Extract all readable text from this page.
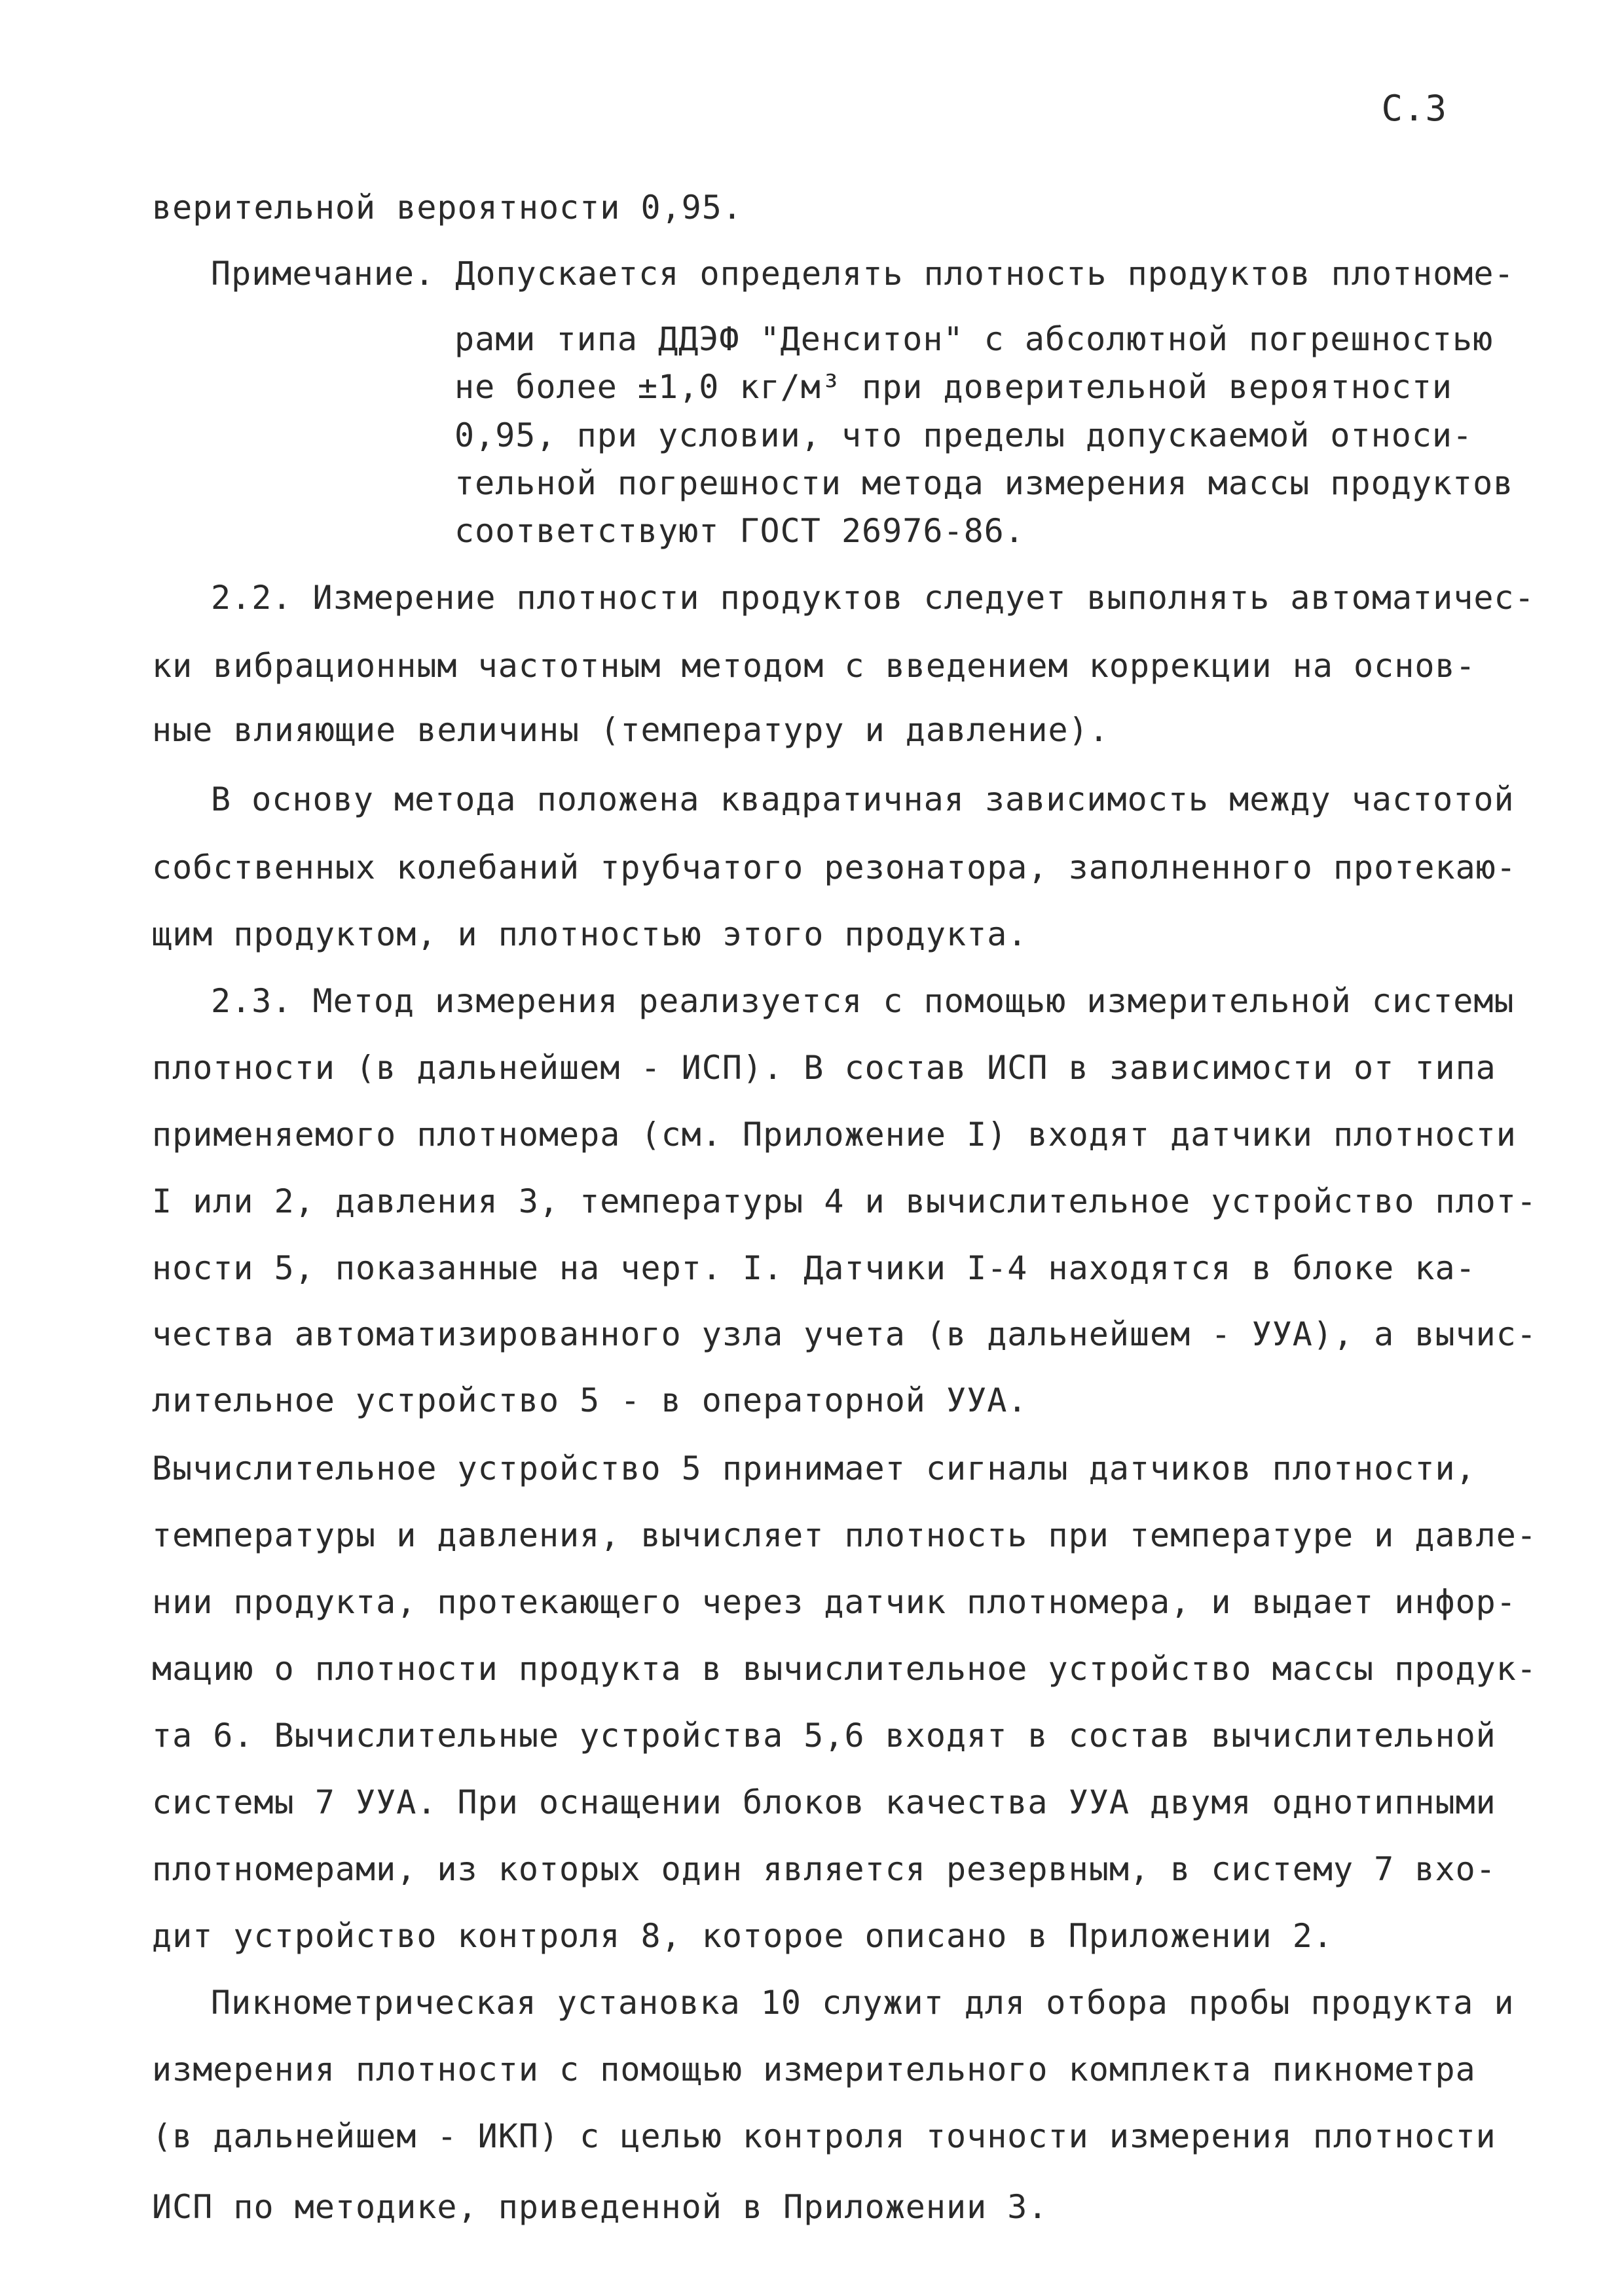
С.3
верительной вероятности 0,95.
Примечание. Допускается определять плотность продуктов плотноме-
рами типа ДДЭФ "Денситон" с абсолютной погрешностью
не более ±1,0 кг/м³ при доверительной вероятности
0,95, при условии, что пределы допускаемой относи-
тельной погрешности метода измерения массы продуктов
соответствуют ГОСТ 26976-86.
2.2. Измерение плотности продуктов следует выполнять автоматичес-
ки вибрационным частотным методом с введением коррекции на основ-
ные влияющие величины (температуру и давление).
В основу метода положена квадратичная зависимость между частотой
собственных колебаний трубчатого резонатора, заполненного протекаю-
щим продуктом, и плотностью этого продукта.
2.3. Метод измерения реализуется с помощью измерительной системы
плотности (в дальнейшем - ИСП). В состав ИСП в зависимости от типа
применяемого плотномера (см. Приложение I) входят датчики плотности
I или 2, давления 3, температуры 4 и вычислительное устройство плот-
ности 5, показанные на черт. I. Датчики I-4 находятся в блоке ка-
чества автоматизированного узла учета (в дальнейшем - УУА), а вычис-
лительное устройство 5 - в операторной УУА.
Вычислительное устройство 5 принимает сигналы датчиков плотности,
температуры и давления, вычисляет плотность при температуре и давле-
нии продукта, протекающего через датчик плотномера, и выдает инфор-
мацию о плотности продукта в вычислительное устройство массы продук-
та 6. Вычислительные устройства 5,6 входят в состав вычислительной
системы 7 УУА. При оснащении блоков качества УУА двумя однотипными
плотномерами, из которых один является резервным, в систему 7 вхо-
дит устройство контроля 8, которое описано в Приложении 2.
Пикнометрическая установка 10 служит для отбора пробы продукта и
измерения плотности с помощью измерительного комплекта пикнометра
(в дальнейшем - ИКП) с целью контроля точности измерения плотности
ИСП по методике, приведенной в Приложении 3.
